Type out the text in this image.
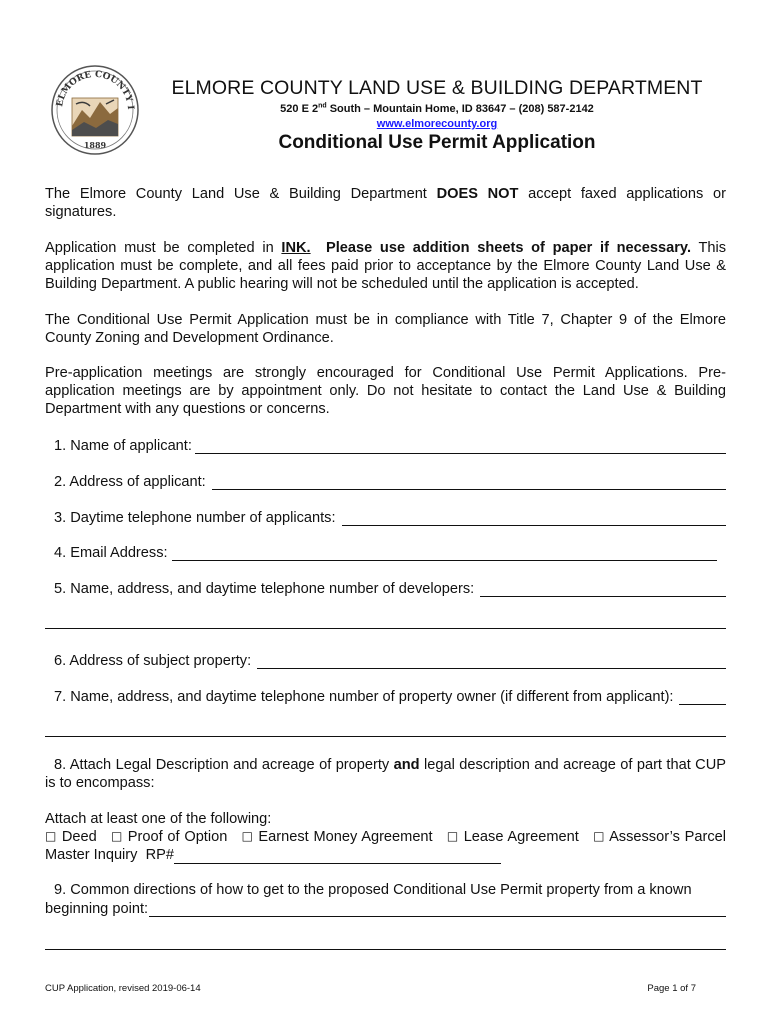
ELMORE COUNTY I
1889
ELMORE COUNTY LAND USE & BUILDING DEPARTMENT
520 E 2nd South – Mountain Home, ID 83647 – (208) 587-2142
www.elmorecounty.org
Conditional Use Permit Application
The Elmore County Land Use & Building Department DOES NOT accept faxed applications or signatures.
Application must be completed in INK. Please use addition sheets of paper if necessary. This application must be complete, and all fees paid prior to acceptance by the Elmore County Land Use & Building Department. A public hearing will not be scheduled until the application is accepted.
The Conditional Use Permit Application must be in compliance with Title 7, Chapter 9 of the Elmore County Zoning and Development Ordinance.
Pre-application meetings are strongly encouraged for Conditional Use Permit Applications. Pre-application meetings are by appointment only. Do not hesitate to contact the Land Use & Building Department with any questions or concerns.
1. Name of applicant:
2. Address of applicant:
3. Daytime telephone number of applicants:
4. Email Address:
5. Name, address, and daytime telephone number of developers:
6. Address of subject property:
7. Name, address, and daytime telephone number of property owner (if different from applicant):
8. Attach Legal Description and acreage of property and legal description and acreage of part that CUP is to encompass:
Attach at least one of the following:
□ Deed □ Proof of Option □ Earnest Money Agreement □ Lease Agreement □ Assessor’s Parcel Master Inquiry RP#
9. Common directions of how to get to the proposed Conditional Use Permit property from a known
beginning point:
CUP Application, revised 2019-06-14	Page 1 of 7
